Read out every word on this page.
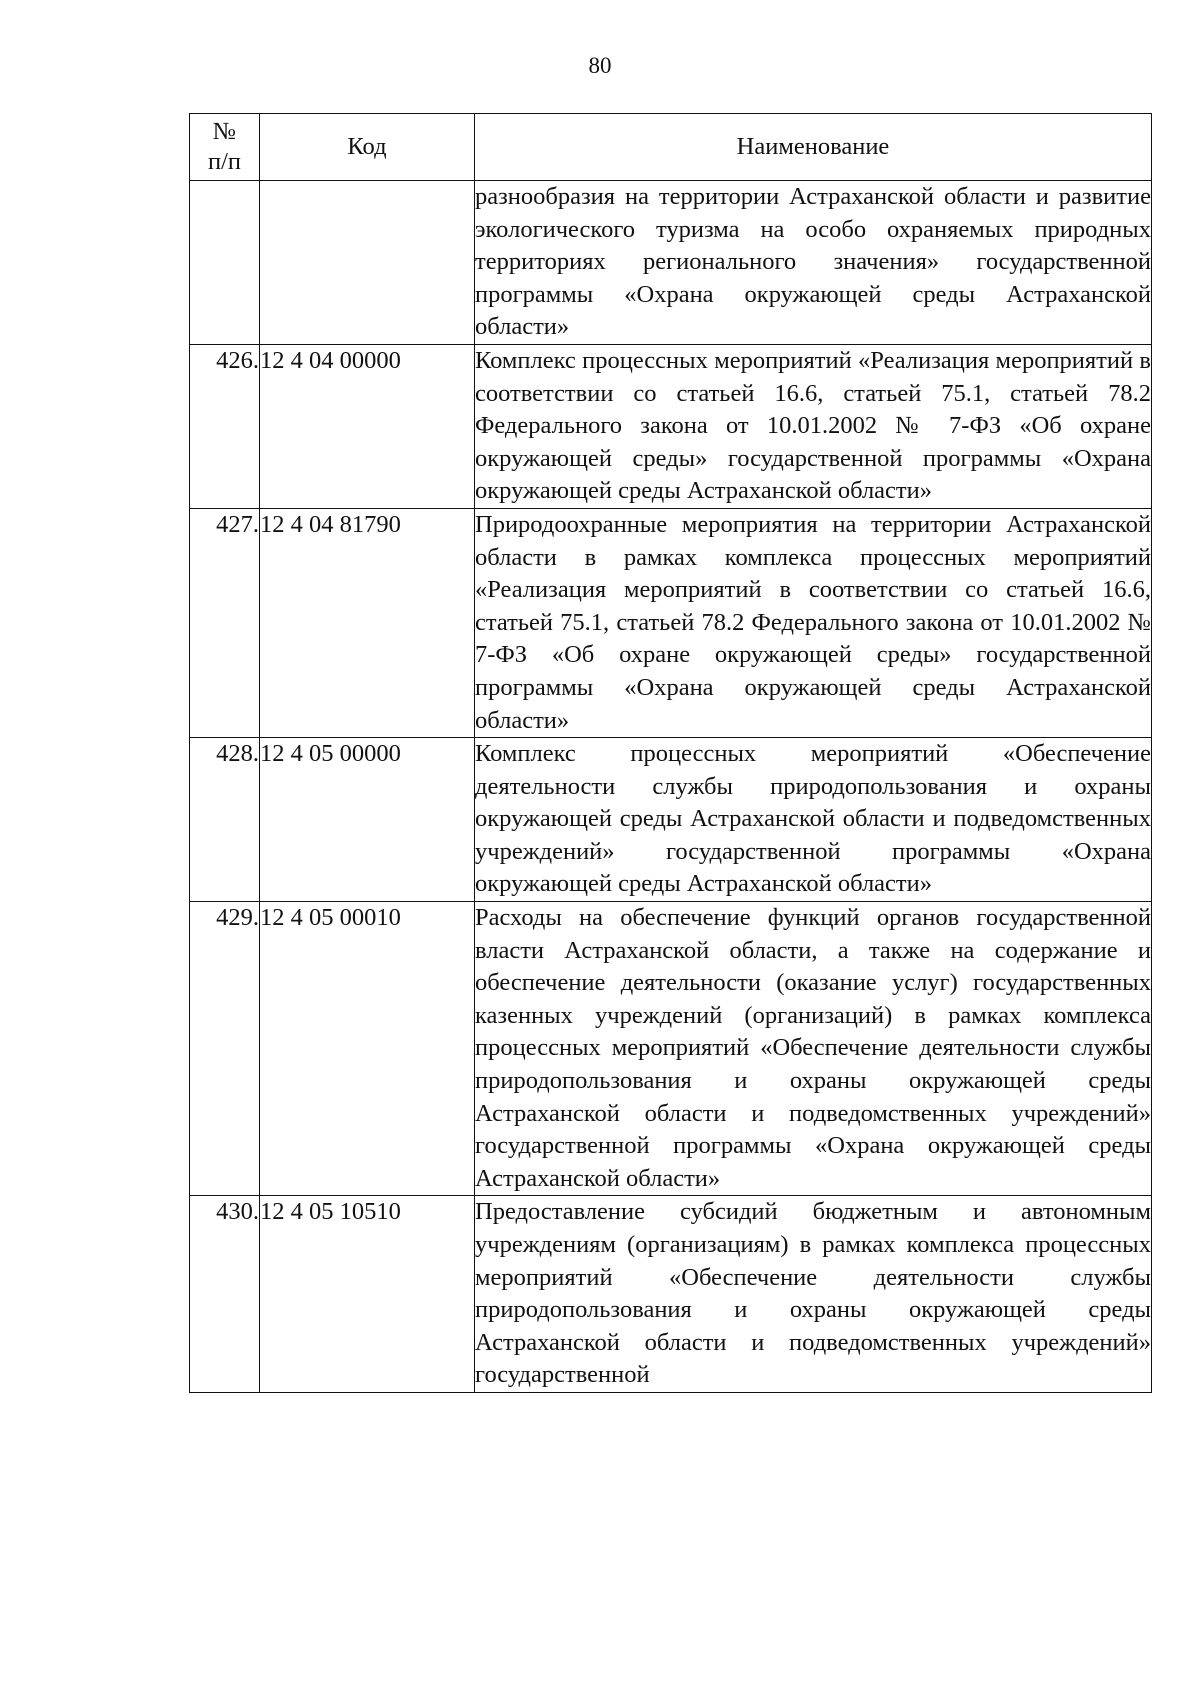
80
№
п/п	Код	Наименование
		разнообразия на территории Астраханской области и развитие экологического туризма на особо охраняемых природных территориях регионального значения» государственной программы «Охрана окружающей среды Астраханской области»
426.	12 4 04 00000	Комплекс процессных мероприятий «Реализация мероприятий в соответствии со статьей 16.6, статьей 75.1, статьей 78.2 Федерального закона от 10.01.2002 № 7-ФЗ «Об охране окружающей среды» государственной программы «Охрана окружающей среды Астраханской области»
427.	12 4 04 81790	Природоохранные мероприятия на территории Астраханской области в рамках комплекса процессных мероприятий «Реализация мероприятий в соответствии со статьей 16.6, статьей 75.1, статьей 78.2 Федерального закона от 10.01.2002 № 7-ФЗ «Об охране окружающей среды» государственной программы «Охрана окружающей среды Астраханской области»
428.	12 4 05 00000	Комплекс процессных мероприятий «Обеспечение деятельности службы природопользования и охраны окружающей среды Астраханской области и подведомственных учреждений» государственной программы «Охрана окружающей среды Астраханской области»
429.	12 4 05 00010	Расходы на обеспечение функций органов государственной власти Астраханской области, а также на содержание и обеспечение деятельности (оказание услуг) государственных казенных учреждений (организаций) в рамках комплекса процессных мероприятий «Обеспечение деятельности службы природопользования и охраны окружающей среды Астраханской области и подведомственных учреждений» государственной программы «Охрана окружающей среды Астраханской области»
430.	12 4 05 10510	Предоставление субсидий бюджетным и автономным учреждениям (организациям) в рамках комплекса процессных мероприятий «Обеспечение деятельности службы природопользования и охраны окружающей среды Астраханской области и подведомственных учреждений» государственной
